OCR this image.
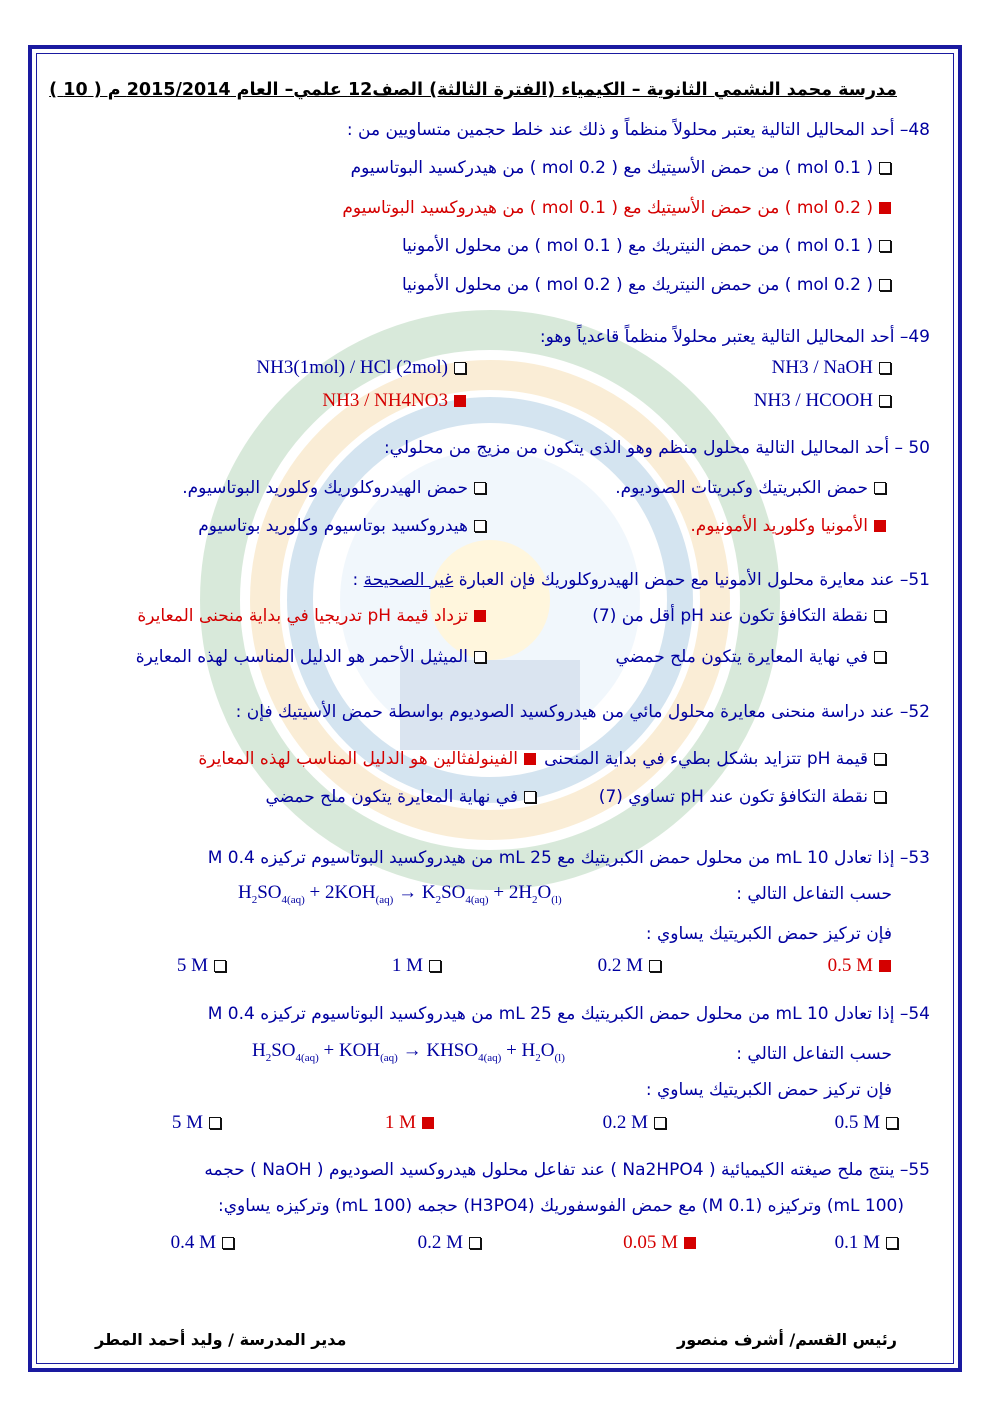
مدرسة محمد النشمي الثانوية – الكيمياء (الفترة الثالثة) الصف12 علمي– العام 2015/2014 م ( 10 )
48– أحد المحاليل التالية يعتبر محلولاً منظماً و ذلك عند خلط حجمين متساويين من :
( 0.1 mol ) من حمض الأسيتيك مع ( 0.2 mol ) من هيدركسيد البوتاسيوم
( 0.2 mol ) من حمض الأسيتيك مع ( 0.1 mol ) من هيدروكسيد البوتاسيوم
( 0.1 mol ) من حمض النيتريك مع ( 0.1 mol ) من محلول الأمونيا
( 0.2 mol ) من حمض النيتريك مع ( 0.2 mol ) من محلول الأمونيا
49– أحد المحاليل التالية يعتبر محلولاً منظماً قاعدياً وهو:
NH3 / NaOH
NH3(1mol) / HCl (2mol)
NH3 / HCOOH
NH3 / NH4NO3
50 – أحد المحاليل التالية محلول منظم وهو الذى يتكون من مزيج من محلولي:
حمض الكبريتيك وكبريتات الصوديوم.
حمض الهيدروكلوريك وكلوريد البوتاسيوم.
الأمونيا وكلوريد الأمونيوم.
هيدروكسيد بوتاسيوم وكلوريد بوتاسيوم
51– عند معايرة محلول الأمونيا مع حمض الهيدروكلوريك فإن العبارة غير الصحيحة :
نقطة التكافؤ تكون عند pH أقل من (7)
تزداد قيمة pH تدريجيا في بداية منحنى المعايرة
في نهاية المعايرة يتكون ملح حمضي
الميثيل الأحمر هو الدليل المناسب لهذه المعايرة
52– عند دراسة منحنى معايرة محلول مائي من هيدروكسيد الصوديوم بواسطة حمض الأسيتيك فإن :
قيمة pH تتزايد بشكل بطيء في بداية المنحنى
الفينولفثالين هو الدليل المناسب لهذه المعايرة
نقطة التكافؤ تكون عند pH تساوي (7)
في نهاية المعايرة يتكون ملح حمضي
53– إذا تعادل 10 mL من محلول حمض الكبريتيك مع 25 mL من هيدروكسيد البوتاسيوم تركيزه 0.4 M
حسب التفاعل التالي :
$H_2SO_{4(aq)} + 2KOH_{(aq)} \to K_2SO_{4(aq)} + 2H_2O_{(l)}$
فإن تركيز حمض الكبريتيك يساوي :
0.5 M
0.2 M
1 M
5 M
54– إذا تعادل 10 mL من محلول حمض الكبريتيك مع 25 mL من هيدروكسيد البوتاسيوم تركيزه 0.4 M
حسب التفاعل التالي :
$H_2SO_{4(aq)} + KOH_{(aq)}$ → $KHSO_{4(aq)} + H_2O_{(l)}$
فإن تركيز حمض الكبريتيك يساوي :
0.5 M
0.2 M
1 M
5 M
55– ينتج ملح صيغته الكيميائية ( Na2HPO4 ) عند تفاعل محلول هيدروكسيد الصوديوم ( NaOH ) حجمه
(100 mL) وتركيزه (0.1 M) مع حمض الفوسفوريك (H3PO4) حجمه (100 mL) وتركيزه يساوي:
0.1 M
0.05 M
0.2 M
0.4 M
رئيس القسم/ أشرف منصور
مدير المدرسة / وليد أحمد المطر
